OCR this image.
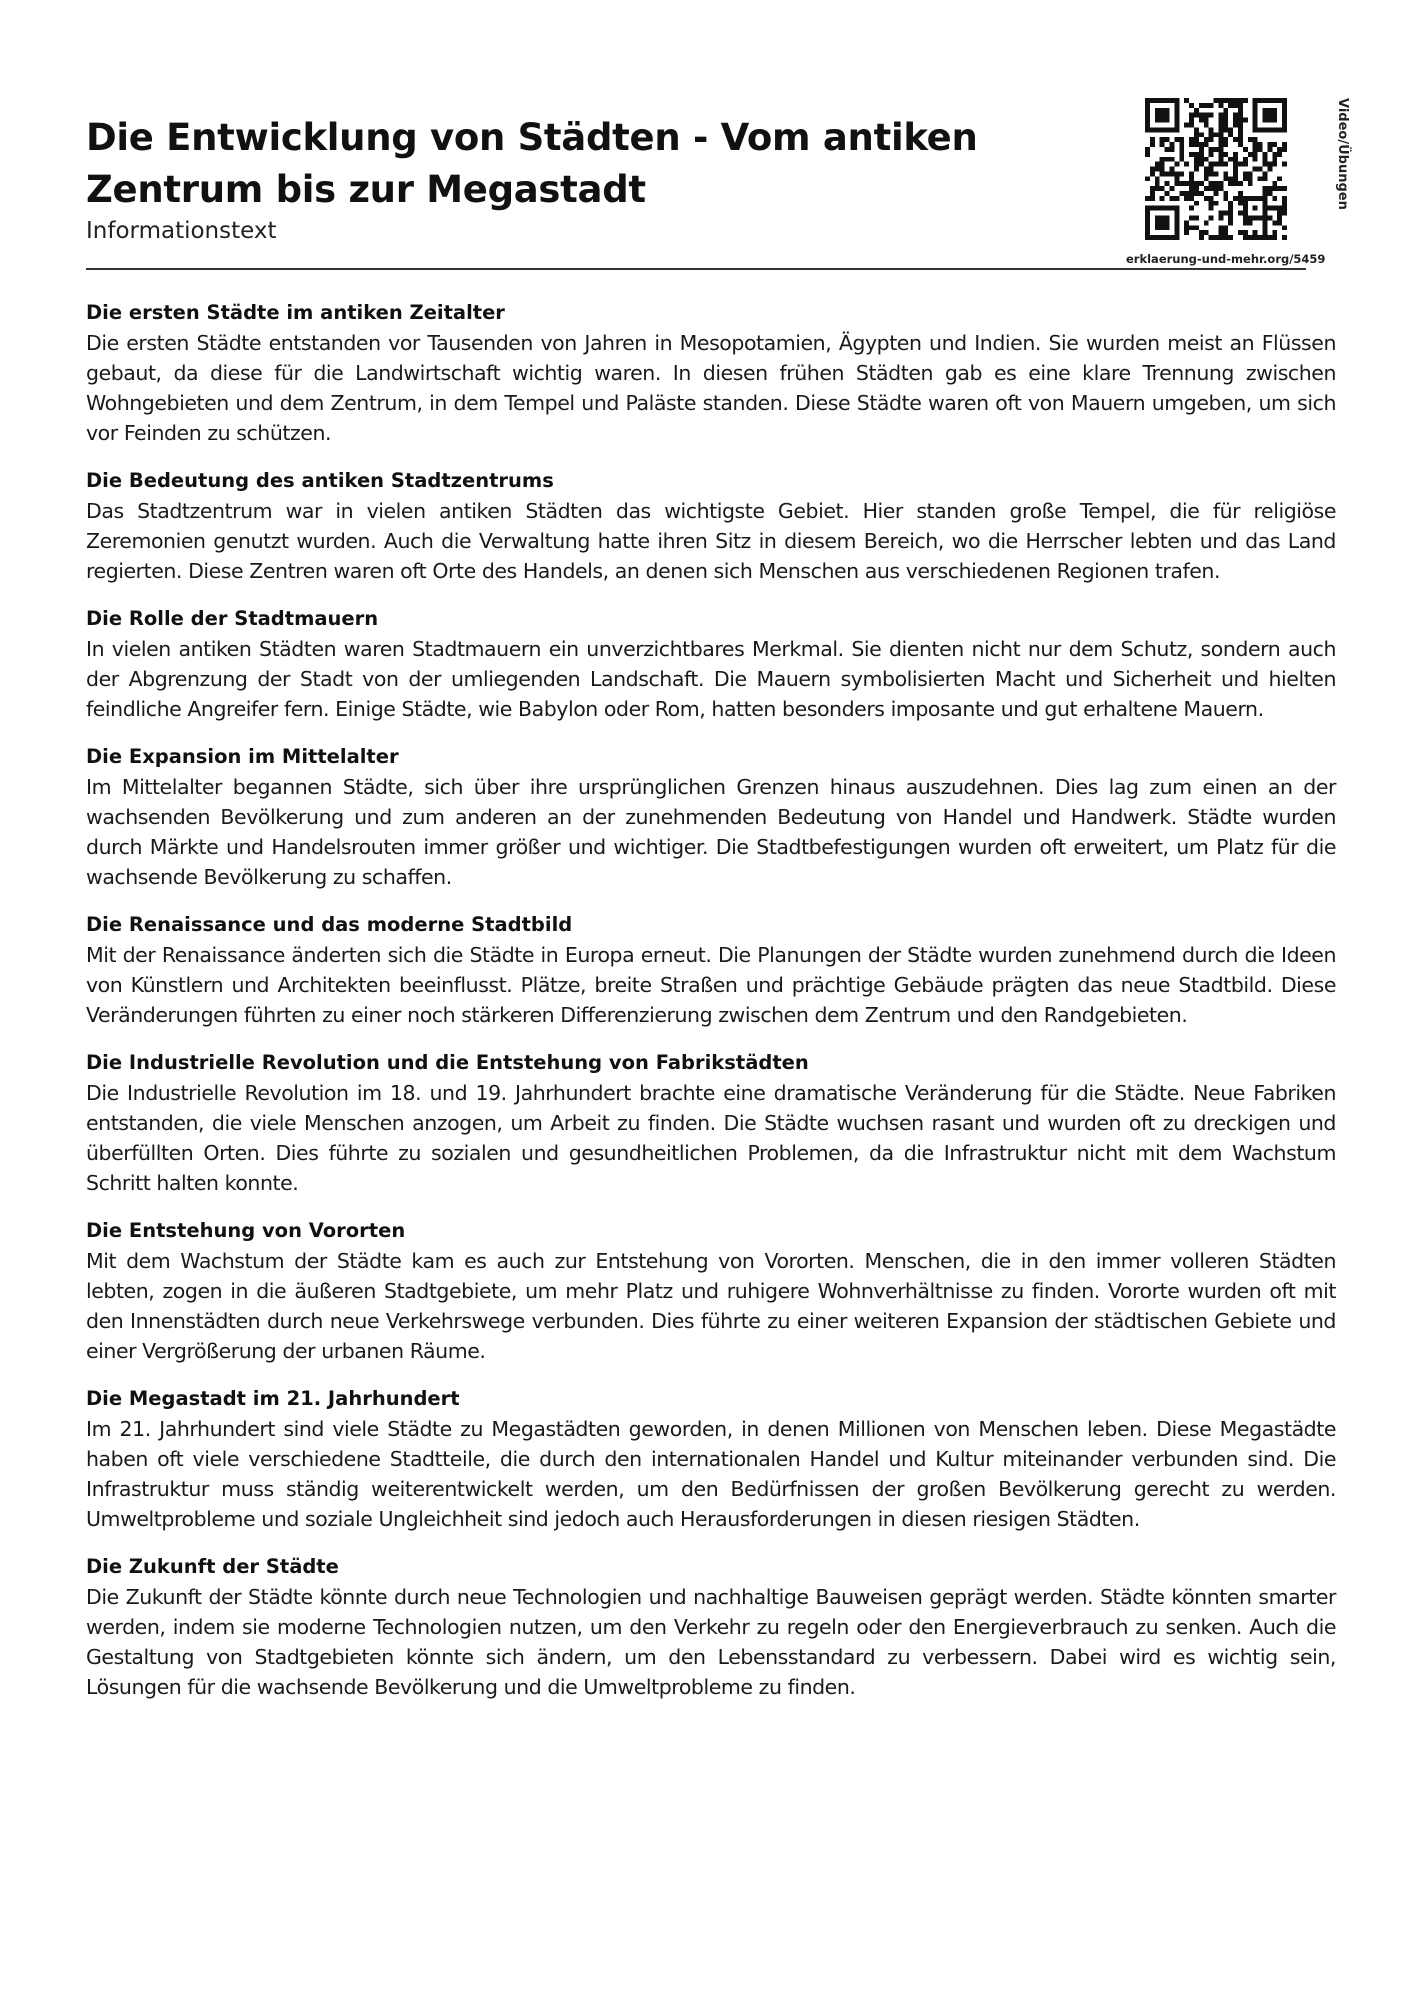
Die Entwicklung von Städten - Vom antiken Zentrum bis zur Megastadt
Informationstext
erklaerung-und-mehr.org/5459
Video/Übungen
Die ersten Städte im antiken Zeitalter

Die ersten Städte entstanden vor Tausenden von Jahren in Mesopotamien, Ägypten und Indien. Sie wurden meist an Flüssen gebaut, da diese für die Landwirtschaft wichtig waren. In diesen frühen Städten gab es eine klare Trennung zwischen Wohngebieten und dem Zentrum, in dem Tempel und Paläste standen. Diese Städte waren oft von Mauern umgeben, um sich vor Feinden zu schützen.

Die Bedeutung des antiken Stadtzentrums

Das Stadtzentrum war in vielen antiken Städten das wichtigste Gebiet. Hier standen große Tempel, die für religiöse Zeremonien genutzt wurden. Auch die Verwaltung hatte ihren Sitz in diesem Bereich, wo die Herrscher lebten und das Land regierten. Diese Zentren waren oft Orte des Handels, an denen sich Menschen aus verschiedenen Regionen trafen.

Die Rolle der Stadtmauern

In vielen antiken Städten waren Stadtmauern ein unverzichtbares Merkmal. Sie dienten nicht nur dem Schutz, sondern auch der Abgrenzung der Stadt von der umliegenden Landschaft. Die Mauern symbolisierten Macht und Sicherheit und hielten feindliche Angreifer fern. Einige Städte, wie Babylon oder Rom, hatten besonders imposante und gut erhaltene Mauern.

Die Expansion im Mittelalter

Im Mittelalter begannen Städte, sich über ihre ursprünglichen Grenzen hinaus auszudehnen. Dies lag zum einen an der wachsenden Bevölkerung und zum anderen an der zunehmenden Bedeutung von Handel und Handwerk. Städte wurden durch Märkte und Handelsrouten immer größer und wichtiger. Die Stadtbefestigungen wurden oft erweitert, um Platz für die wachsende Bevölkerung zu schaffen.

Die Renaissance und das moderne Stadtbild

Mit der Renaissance änderten sich die Städte in Europa erneut. Die Planungen der Städte wurden zunehmend durch die Ideen von Künstlern und Architekten beeinflusst. Plätze, breite Straßen und prächtige Gebäude prägten das neue Stadtbild. Diese Veränderungen führten zu einer noch stärkeren Differenzierung zwischen dem Zentrum und den Randgebieten.

Die Industrielle Revolution und die Entstehung von Fabrikstädten

Die Industrielle Revolution im 18. und 19. Jahrhundert brachte eine dramatische Veränderung für die Städte. Neue Fabriken entstanden, die viele Menschen anzogen, um Arbeit zu finden. Die Städte wuchsen rasant und wurden oft zu dreckigen und überfüllten Orten. Dies führte zu sozialen und gesundheitlichen Problemen, da die Infrastruktur nicht mit dem Wachstum Schritt halten konnte.

Die Entstehung von Vororten

Mit dem Wachstum der Städte kam es auch zur Entstehung von Vororten. Menschen, die in den immer volleren Städten lebten, zogen in die äußeren Stadtgebiete, um mehr Platz und ruhigere Wohnverhältnisse zu finden. Vororte wurden oft mit den Innenstädten durch neue Verkehrswege verbunden. Dies führte zu einer weiteren Expansion der städtischen Gebiete und einer Vergrößerung der urbanen Räume.

Die Megastadt im 21. Jahrhundert

Im 21. Jahrhundert sind viele Städte zu Megastädten geworden, in denen Millionen von Menschen leben. Diese Megastädte haben oft viele verschiedene Stadtteile, die durch den internationalen Handel und Kultur miteinander verbunden sind. Die Infrastruktur muss ständig weiterentwickelt werden, um den Bedürfnissen der großen Bevölkerung gerecht zu werden. Umweltprobleme und soziale Ungleichheit sind jedoch auch Herausforderungen in diesen riesigen Städten.

Die Zukunft der Städte

Die Zukunft der Städte könnte durch neue Technologien und nachhaltige Bauweisen geprägt werden. Städte könnten smarter werden, indem sie moderne Technologien nutzen, um den Verkehr zu regeln oder den Energieverbrauch zu senken. Auch die Gestaltung von Stadtgebieten könnte sich ändern, um den Lebensstandard zu verbessern. Dabei wird es wichtig sein, Lösungen für die wachsende Bevölkerung und die Umweltprobleme zu finden.
